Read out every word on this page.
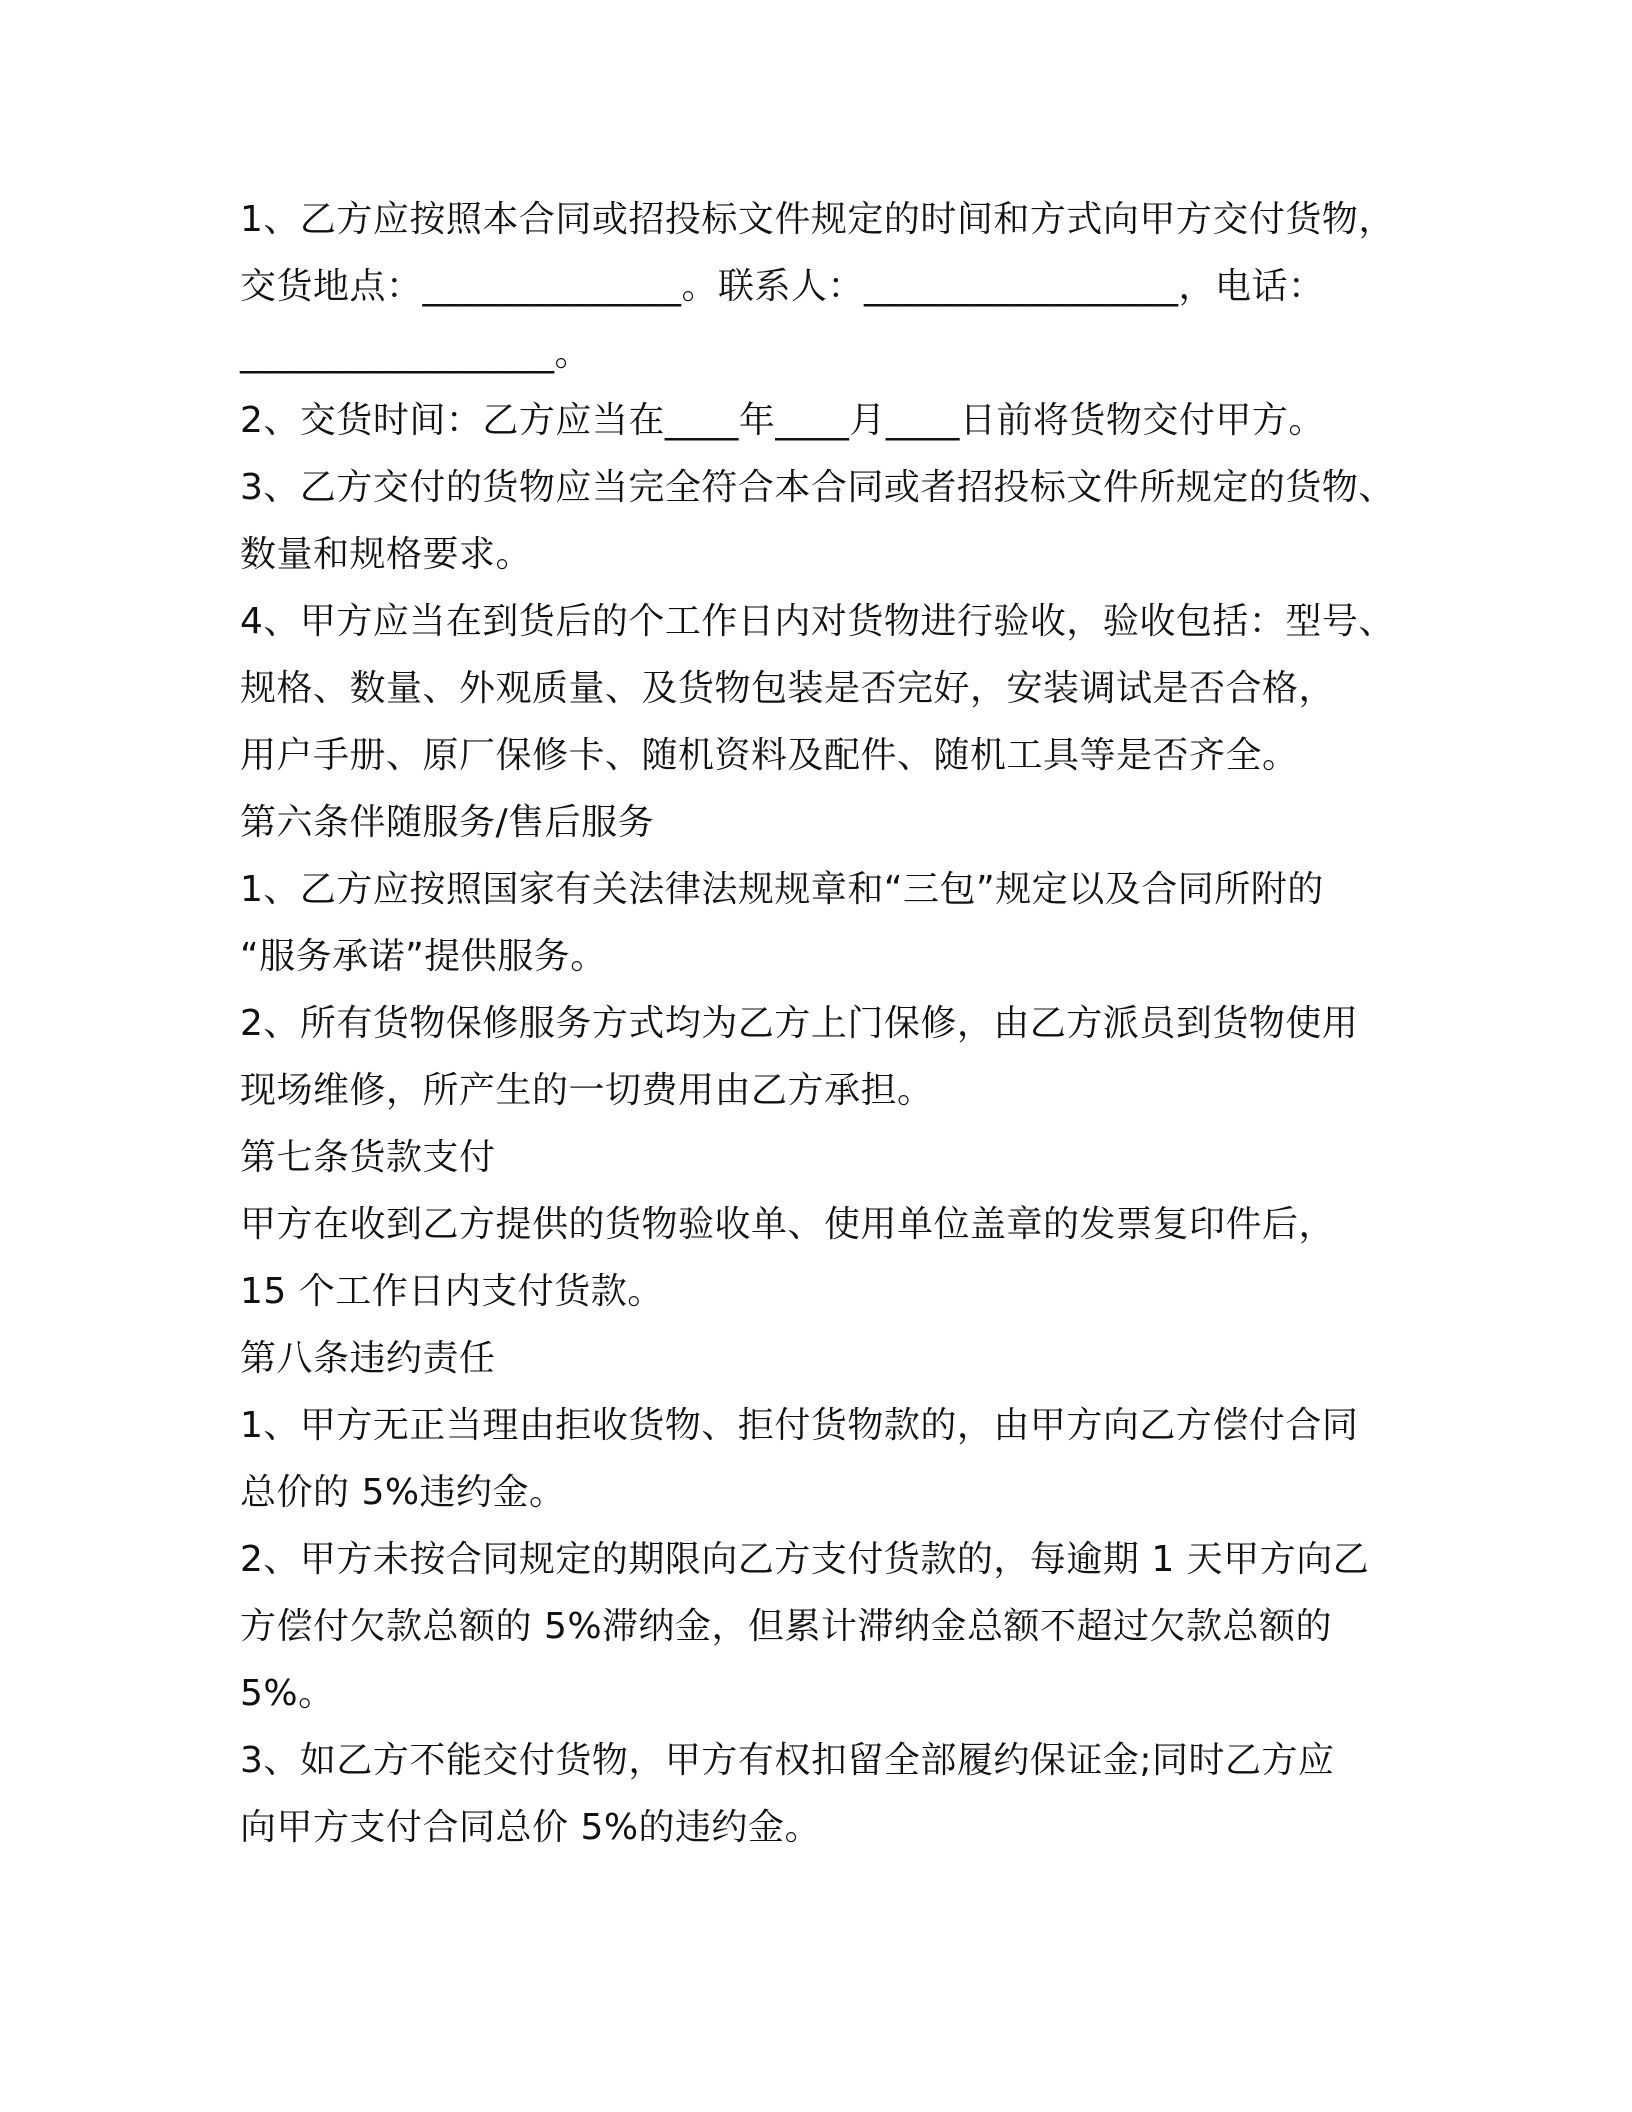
1、乙方应按照本合同或招投标文件规定的时间和方式向甲方交付货物，
交货地点：______________。联系人：_________________，电话：
_________________。
2、交货时间：乙方应当在____年____月____日前将货物交付甲方。
3、乙方交付的货物应当完全符合本合同或者招投标文件所规定的货物、
数量和规格要求。
4、甲方应当在到货后的个工作日内对货物进行验收，验收包括：型号、
规格、数量、外观质量、及货物包装是否完好，安装调试是否合格，
用户手册、原厂保修卡、随机资料及配件、随机工具等是否齐全。
第六条伴随服务/售后服务
1、乙方应按照国家有关法律法规规章和“三包”规定以及合同所附的
“服务承诺”提供服务。
2、所有货物保修服务方式均为乙方上门保修，由乙方派员到货物使用
现场维修，所产生的一切费用由乙方承担。
第七条货款支付
甲方在收到乙方提供的货物验收单、使用单位盖章的发票复印件后，
15 个工作日内支付货款。
第八条违约责任
1、甲方无正当理由拒收货物、拒付货物款的，由甲方向乙方偿付合同
总价的 5%违约金。
2、甲方未按合同规定的期限向乙方支付货款的，每逾期 1 天甲方向乙
方偿付欠款总额的 5%滞纳金，但累计滞纳金总额不超过欠款总额的
5%。
3、如乙方不能交付货物，甲方有权扣留全部履约保证金;同时乙方应
向甲方支付合同总价 5%的违约金。
